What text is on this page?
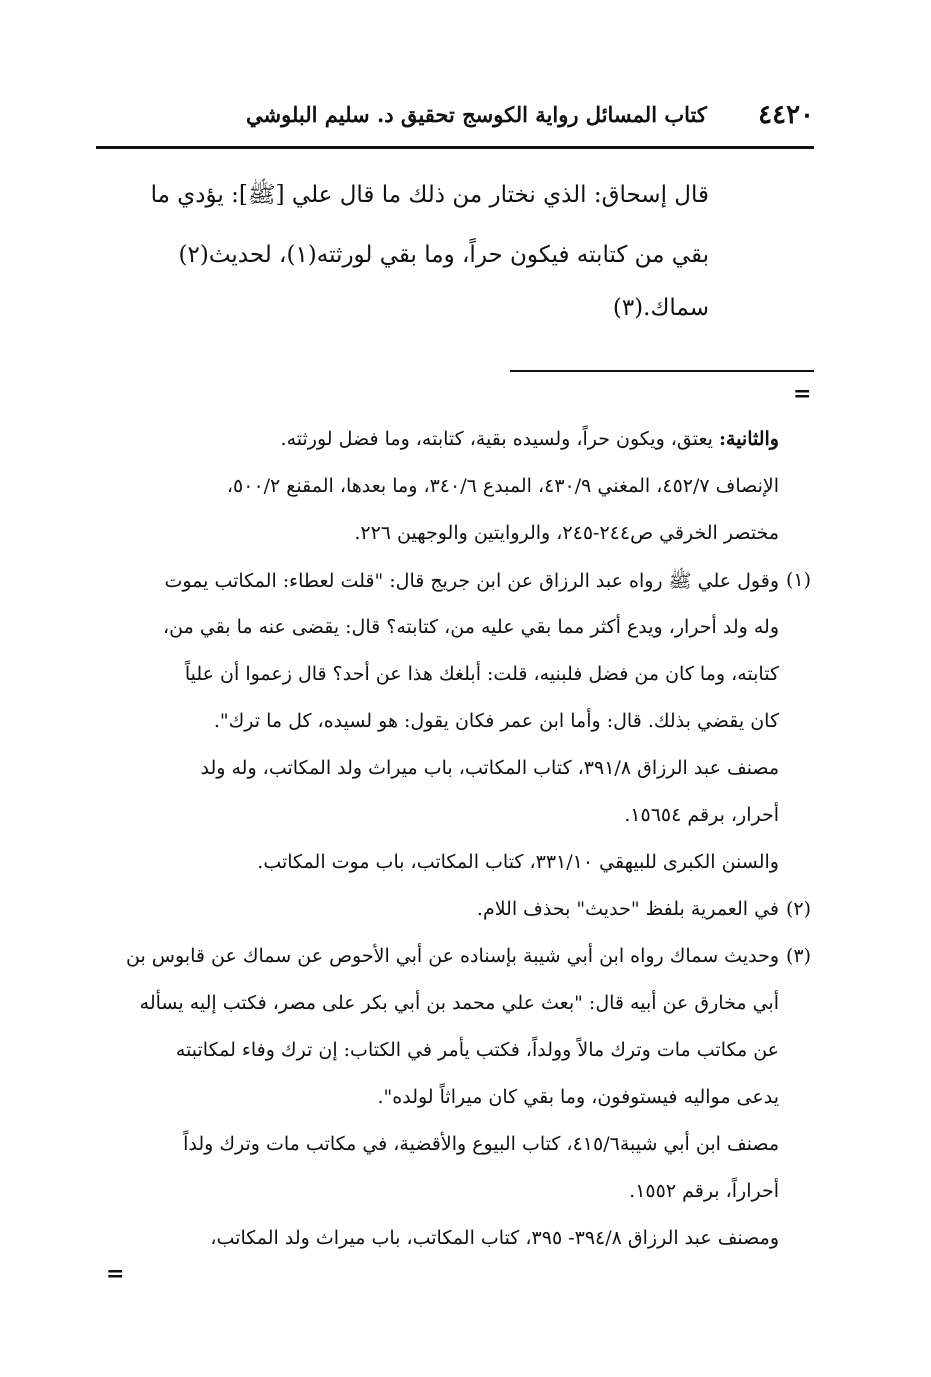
٤٤٢٠
كتاب المسائل رواية الكوسج تحقيق د. سليم البلوشي
قال إسحاق: الذي نختار من ذلك ما قال علي [ﷺ]: يؤدي ما
بقي من كتابته فيكون حراً، وما بقي لورثته(١)، لحديث(٢)
سماك.(٣)
=
والثانية: يعتق، ويكون حراً، ولسيده بقية، كتابته، وما فضل لورثته.
الإنصاف ٤٥٢/٧، المغني ٤٣٠/٩، المبدع ٣٤٠/٦، وما بعدها، المقنع ٥٠٠/٢،
مختصر الخرقي ص٢٤٤-٢٤٥، والروايتين والوجهين ٢٢٦.
(١)
وقول علي ﷺ رواه عبد الرزاق عن ابن جريج قال: "قلت لعطاء: المكاتب يموت
وله ولد أحرار، ويدع أكثر مما بقي عليه من، كتابته؟ قال: يقضى عنه ما بقي من،
كتابته، وما كان من فضل فلبنيه، قلت: أبلغك هذا عن أحد؟ قال زعموا أن علياً
كان يقضي بذلك. قال: وأما ابن عمر فكان يقول: هو لسيده، كل ما ترك".
مصنف عبد الرزاق ٣٩١/٨، كتاب المكاتب، باب ميراث ولد المكاتب، وله ولد
أحرار، برقم ١٥٦٥٤.
والسنن الكبرى للبيهقي ٣٣١/١٠، كتاب المكاتب، باب موت المكاتب.
(٢)
في العمرية بلفظ "حديث" بحذف اللام.
(٣)
وحديث سماك رواه ابن أبي شيبة بإسناده عن أبي الأحوص عن سماك عن قابوس بن
أبي مخارق عن أبيه قال: "بعث علي محمد بن أبي بكر على مصر، فكتب إليه يسأله
عن مكاتب مات وترك مالاً وولداً، فكتب يأمر في الكتاب: إن ترك وفاء لمكاتبته
يدعى مواليه فيستوفون، وما بقي كان ميراثاً لولده".
مصنف ابن أبي شيبة٤١٥/٦، كتاب البيوع والأقضية، في مكاتب مات وترك ولداً
أحراراً، برقم ١٥٥٢.
ومصنف عبد الرزاق ٣٩٤/٨- ٣٩٥، كتاب المكاتب، باب ميراث ولد المكاتب،
=
